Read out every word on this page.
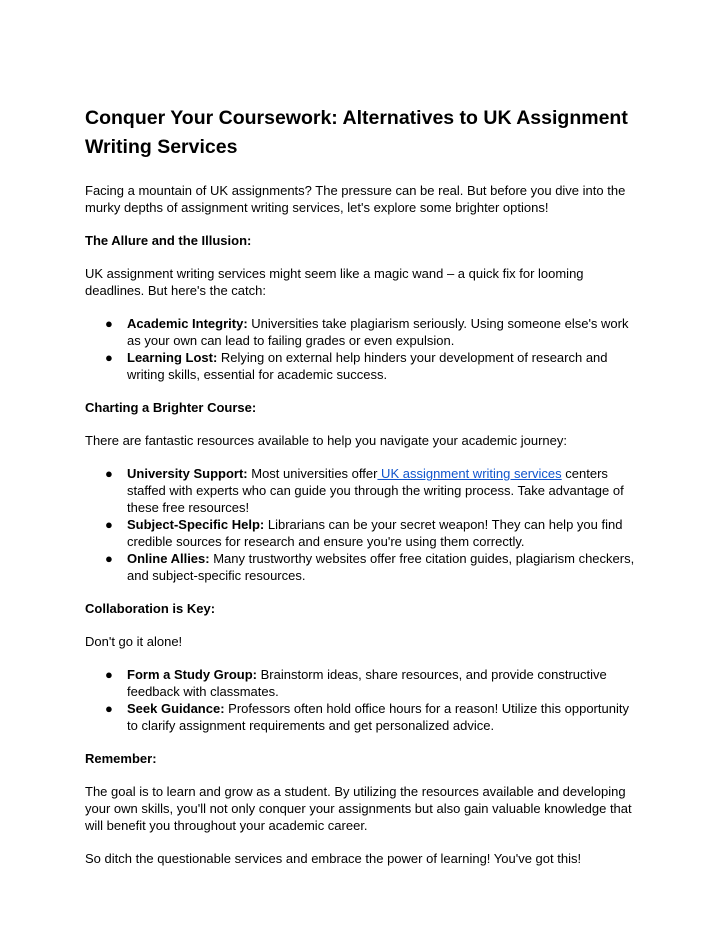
Conquer Your Coursework: Alternatives to UK Assignment Writing Services

Facing a mountain of UK assignments? The pressure can be real. But before you dive into the murky depths of assignment writing services, let's explore some brighter options!

The Allure and the Illusion:

UK assignment writing services might seem like a magic wand – a quick fix for looming deadlines. But here's the catch:

● Academic Integrity: Universities take plagiarism seriously. Using someone else's work as your own can lead to failing grades or even expulsion.
● Learning Lost: Relying on external help hinders your development of research and writing skills, essential for academic success.

Charting a Brighter Course:

There are fantastic resources available to help you navigate your academic journey:

● University Support: Most universities offer UK assignment writing services centers staffed with experts who can guide you through the writing process. Take advantage of these free resources!
● Subject-Specific Help: Librarians can be your secret weapon! They can help you find credible sources for research and ensure you're using them correctly.
● Online Allies: Many trustworthy websites offer free citation guides, plagiarism checkers, and subject-specific resources.

Collaboration is Key:

Don't go it alone!

● Form a Study Group: Brainstorm ideas, share resources, and provide constructive feedback with classmates.
● Seek Guidance: Professors often hold office hours for a reason! Utilize this opportunity to clarify assignment requirements and get personalized advice.

Remember:

The goal is to learn and grow as a student. By utilizing the resources available and developing your own skills, you'll not only conquer your assignments but also gain valuable knowledge that will benefit you throughout your academic career.

So ditch the questionable services and embrace the power of learning! You've got this!
